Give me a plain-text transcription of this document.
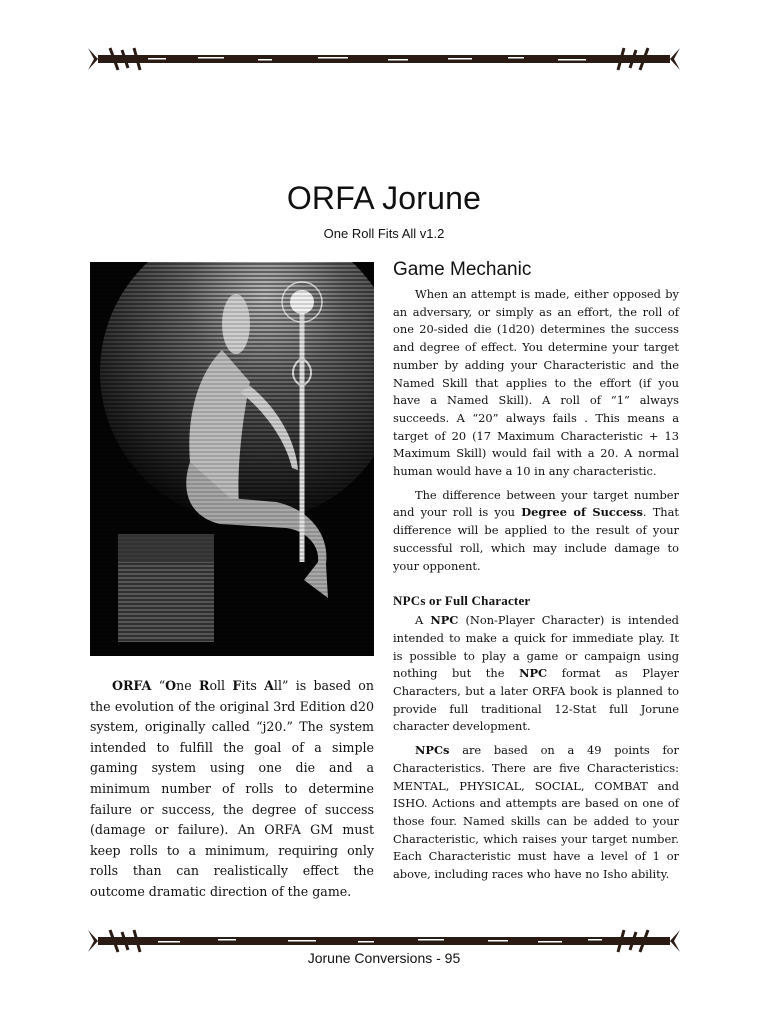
ORFA Jorune
One Roll Fits All v1.2

ORFA “One Roll Fits All” is based on the evolution of the original 3rd Edition d20 system, originally called “j20.” The system intended to fulfill the goal of a simple gaming system using one die and a minimum number of rolls to determine failure or success, the degree of success (damage or failure). An ORFA GM must keep rolls to a minimum, requiring only rolls than can realistically effect the outcome dramatic direction of the game.

Game Mechanic

When an attempt is made, either opposed by an adversary, or simply as an effort, the roll of one 20-sided die (1d20) determines the success and degree of effect. You determine your target number by adding your Characteristic and the Named Skill that applies to the effort (if you have a Named Skill). A roll of “1” always succeeds. A “20” always fails . This means a target of 20 (17 Maximum Characteristic + 13 Maximum Skill) would fail with a 20. A normal human would have a 10 in any characteristic.

The difference between your target number and your roll is you Degree of Success. That difference will be applied to the result of your successful roll, which may include damage to your opponent.

NPCs or Full Character

A NPC (Non-Player Character) is intended intended to make a quick for immediate play. It is possible to play a game or campaign using nothing but the NPC format as Player Characters, but a later ORFA book is planned to provide full traditional 12-Stat full Jorune character development.

NPCs are based on a 49 points for Characteristics. There are five Characteristics: MENTAL, PHYSICAL, SOCIAL, COMBAT and ISHO. Actions and attempts are based on one of those four. Named skills can be added to your Characteristic, which raises your target number. Each Characteristic must have a level of 1 or above, including races who have no Isho ability.

Jorune Conversions - 95
